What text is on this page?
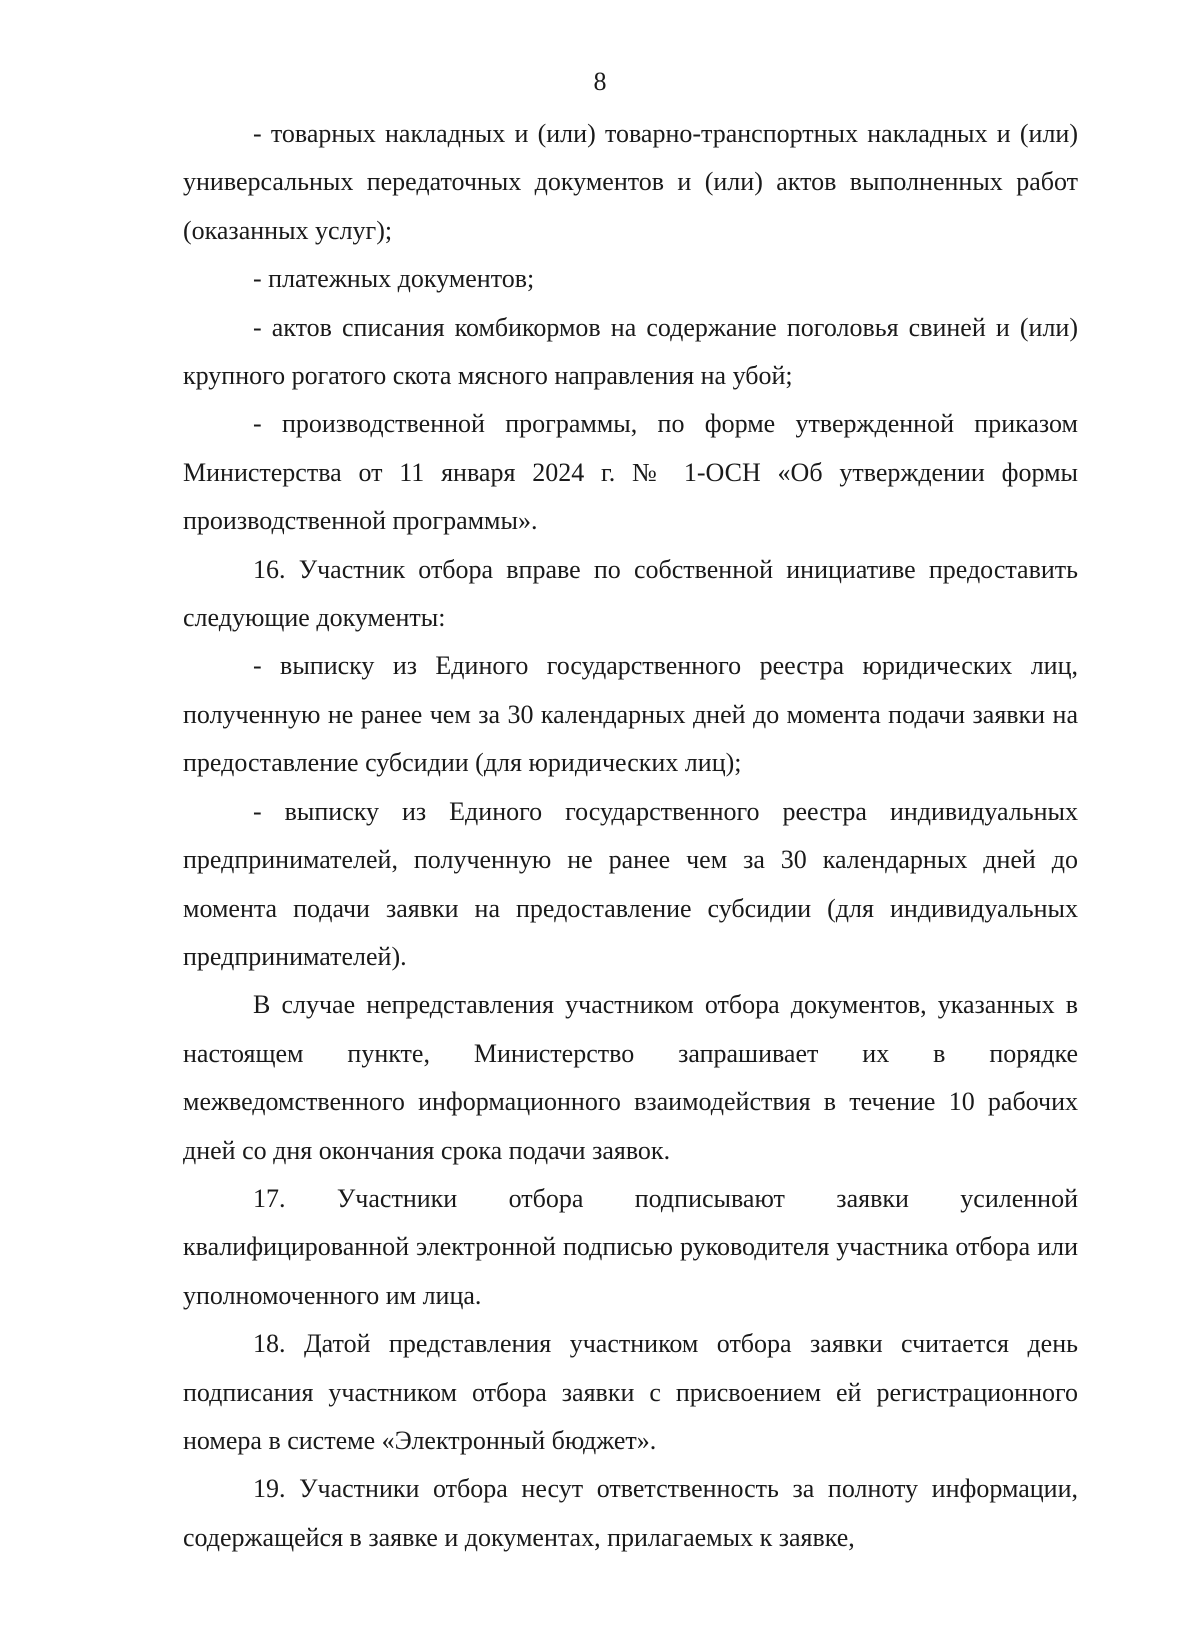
8

- товарных накладных и (или) товарно-транспортных накладных и (или) универсальных передаточных документов и (или) актов выполненных работ (оказанных услуг);

- платежных документов;

- актов списания комбикормов на содержание поголовья свиней и (или) крупного рогатого скота мясного направления на убой;

- производственной программы, по форме утвержденной приказом Министерства от 11 января 2024 г. № 1-ОСН «Об утверждении формы производственной программы».

16. Участник отбора вправе по собственной инициативе предоставить следующие документы:

- выписку из Единого государственного реестра юридических лиц, полученную не ранее чем за 30 календарных дней до момента подачи заявки на предоставление субсидии (для юридических лиц);

- выписку из Единого государственного реестра индивидуальных предпринимателей, полученную не ранее чем за 30 календарных дней до момента подачи заявки на предоставление субсидии (для индивидуальных предпринимателей).

В случае непредставления участником отбора документов, указанных в настоящем пункте, Министерство запрашивает их в порядке межведомственного информационного взаимодействия в течение 10 рабочих дней со дня окончания срока подачи заявок.

17. Участники отбора подписывают заявки усиленной квалифицированной электронной подписью руководителя участника отбора или уполномоченного им лица.

18. Датой представления участником отбора заявки считается день подписания участником отбора заявки с присвоением ей регистрационного номера в системе «Электронный бюджет».

19. Участники отбора несут ответственность за полноту информации, содержащейся в заявке и документах, прилагаемых к заявке,
